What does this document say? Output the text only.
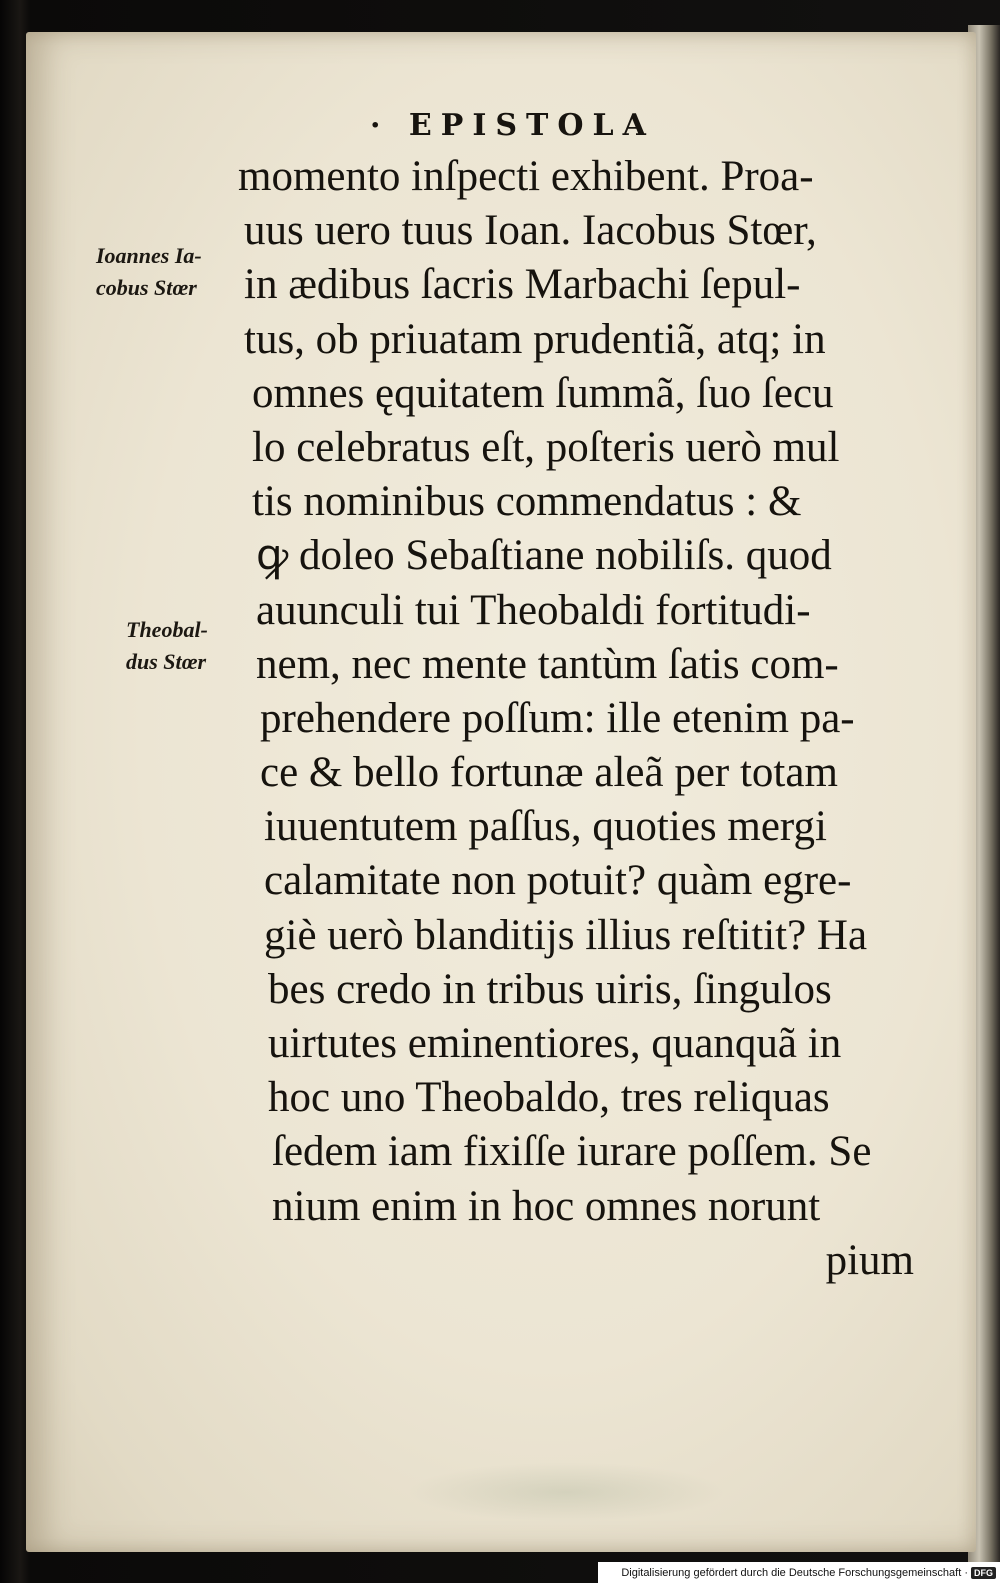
· EPISTOLA
momento inſpecti exhibent. Proa-
uus uero tuus Ioan. Iacobus Stœr,
in ædibus ſacris Marbachi ſepul-
tus, ob priuatam prudentiã, atq; in
omnes ęquitatem ſummã, ſuo ſecu
lo celebratus eſt, poſteris uerò mul
tis nominibus commendatus : &
ꝙ doleo Sebaſtiane nobiliſs. quod
auunculi tui Theobaldi fortitudi-
nem, nec mente tantùm ſatis com-
prehendere poſſum: ille etenim pa-
ce & bello fortunæ aleã per totam
iuuentutem paſſus, quoties mergi
calamitate non potuit? quàm egre-
giè uerò blanditijs illius reſtitit? Ha
bes credo in tribus uiris, ſingulos
uirtutes eminentiores, quanquã in
hoc uno Theobaldo, tres reliquas
ſedem iam fixiſſe iurare poſſem. Se
nium enim in hoc omnes norunt
pium
Ioannes Ia-
cobus Stœr
Theobal-
dus Stœr
Digitalisierung gefördert durch die Deutsche Forschungsgemeinschaft · DFG
